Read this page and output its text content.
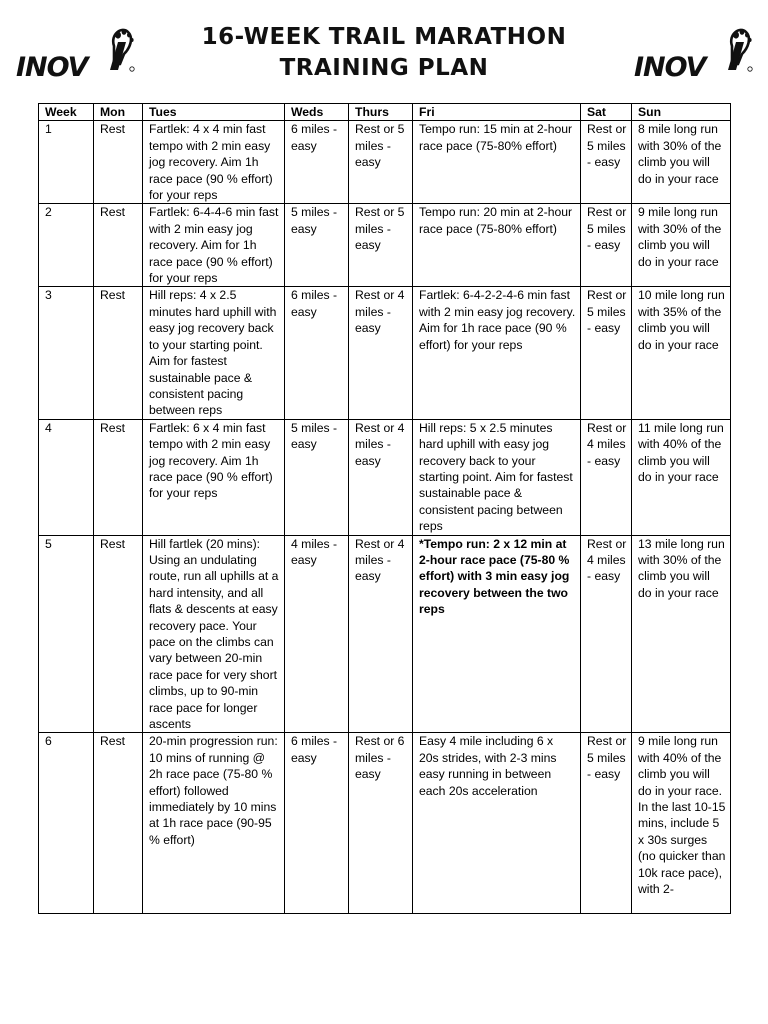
16-WEEK TRAIL MARATHON
TRAINING PLAN
Week	Mon	Tues	Weds	Thurs	Fri	Sat	Sun
1	Rest	Fartlek: 4 x 4 min fast tempo with 2 min easy jog recovery. Aim 1h race pace (90 % effort) for your reps	6 miles - easy	Rest or 5 miles - easy	Tempo run: 15 min at 2-hour race pace (75-80% effort)	Rest or 5 miles - easy	8 mile long run with 30% of the climb you will do in your race
2	Rest	Fartlek: 6-4-4-6 min fast with 2 min easy jog recovery. Aim for 1h race pace (90 % effort) for your reps	5 miles - easy	Rest or 5 miles - easy	Tempo run: 20 min at 2-hour race pace (75-80% effort)	Rest or 5 miles - easy	9 mile long run with 30% of the climb you will do in your race
3	Rest	Hill reps: 4 x 2.5 minutes hard uphill with easy jog recovery back to your starting point. Aim for fastest sustainable pace & consistent pacing between reps	6 miles - easy	Rest or 4 miles - easy	Fartlek: 6-4-2-2-4-6 min fast with 2 min easy jog recovery. Aim for 1h race pace (90 % effort) for your reps	Rest or 5 miles - easy	10 mile long run with 35% of the climb you will do in your race
4	Rest	Fartlek: 6 x 4 min fast tempo with 2 min easy jog recovery. Aim 1h race pace (90 % effort) for your reps	5 miles - easy	Rest or 4 miles - easy	Hill reps: 5 x 2.5 minutes hard uphill with easy jog recovery back to your starting point. Aim for fastest sustainable pace & consistent pacing between reps	Rest or 4 miles - easy	11 mile long run with 40% of the climb you will do in your race
5	Rest	Hill fartlek (20 mins): Using an undulating route, run all uphills at a hard intensity, and all flats & descents at easy recovery pace. Your pace on the climbs can vary between 20-min race pace for very short climbs, up to 90-min race pace for longer ascents	4 miles - easy	Rest or 4 miles - easy	*Tempo run: 2 x 12 min at 2-hour race pace (75-80 % effort) with 3 min easy jog recovery between the two reps	Rest or 4 miles - easy	13 mile long run with 30% of the climb you will do in your race
6	Rest	20-min progression run: 10 mins of running @ 2h race pace (75-80 % effort) followed immediately by 10 mins at 1h race pace (90-95 % effort)	6 miles - easy	Rest or 6 miles - easy	Easy 4 mile including 6 x 20s strides, with 2-3 mins easy running in between each 20s acceleration	Rest or 5 miles - easy	9 mile long run with 40% of the climb you will do in your race. In the last 10-15 mins, include 5 x 30s surges (no quicker than 10k race pace), with 2-
